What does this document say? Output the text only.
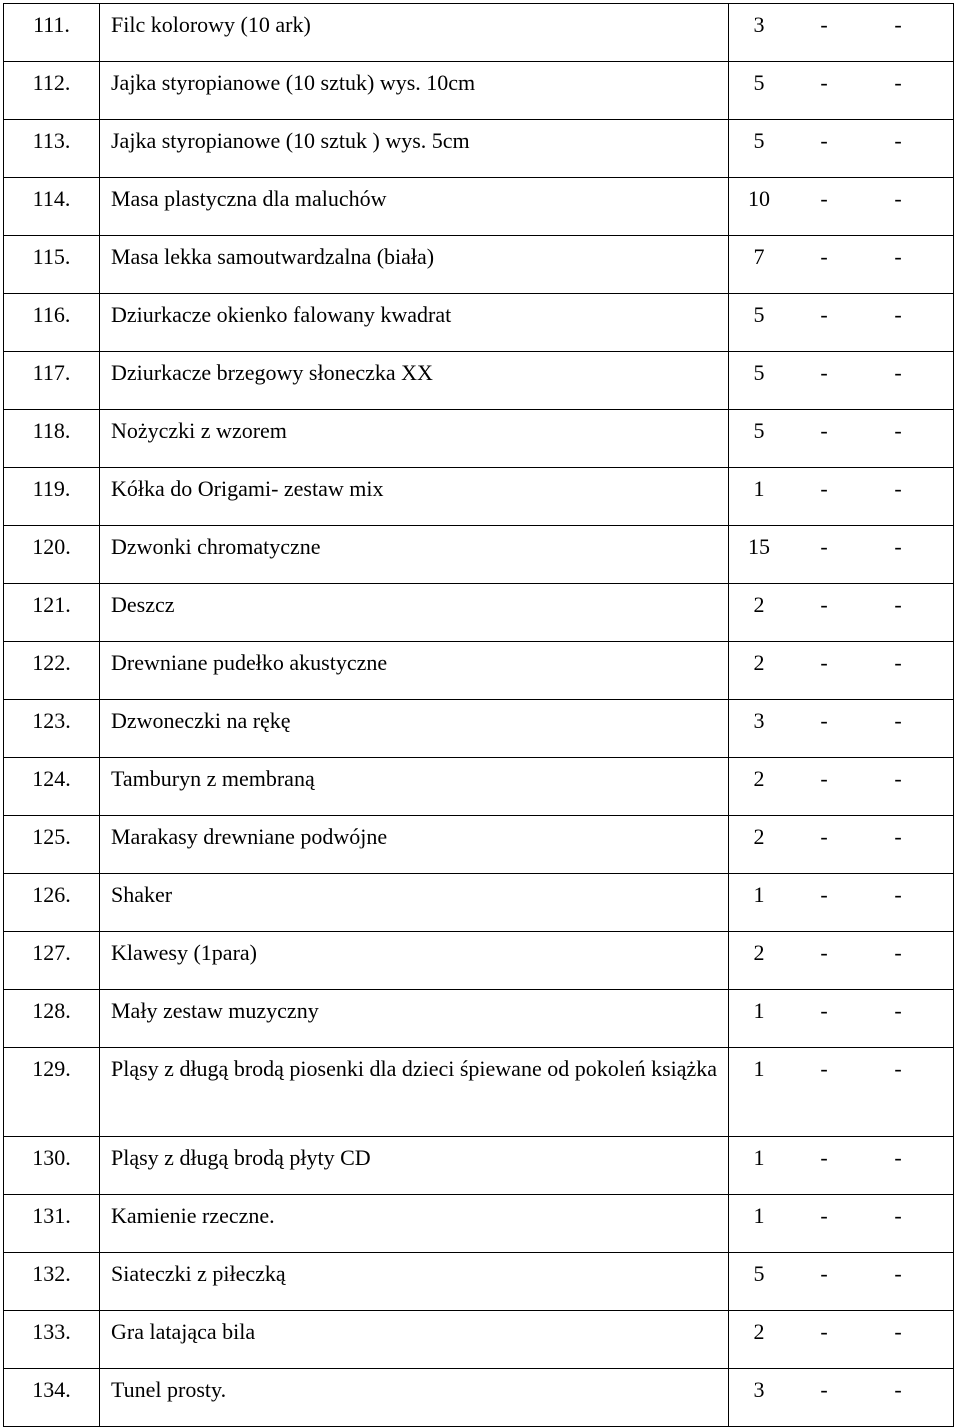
111.	Filc kolorowy (10 ark)	3 - -
112.	Jajka styropianowe (10 sztuk) wys. 10cm	5 - -
113.	Jajka styropianowe (10 sztuk ) wys. 5cm	5 - -
114.	Masa plastyczna dla maluchów	10 - -
115.	Masa lekka samoutwardzalna (biała)	7 - -
116.	Dziurkacze okienko falowany kwadrat	5 - -
117.	Dziurkacze brzegowy słoneczka XX	5 - -
118.	Nożyczki z wzorem	5 - -
119.	Kółka do Origami- zestaw mix	1 - -
120.	Dzwonki chromatyczne	15 - -
121.	Deszcz	2 - -
122.	Drewniane pudełko akustyczne	2 - -
123.	Dzwoneczki na rękę	3 - -
124.	Tamburyn z membraną	2 - -
125.	Marakasy drewniane podwójne	2 - -
126.	Shaker	1 - -
127.	Klawesy (1para)	2 - -
128.	Mały zestaw muzyczny	1 - -
129.	Pląsy z długą brodą piosenki dla dzieci śpiewane od pokoleń książka	1 - -
130.	Pląsy z długą brodą płyty CD	1 - -
131.	Kamienie rzeczne.	1 - -
132.	Siateczki z piłeczką	5 - -
133.	Gra latająca bila	2 - -
134.	Tunel prosty.	3 - -
